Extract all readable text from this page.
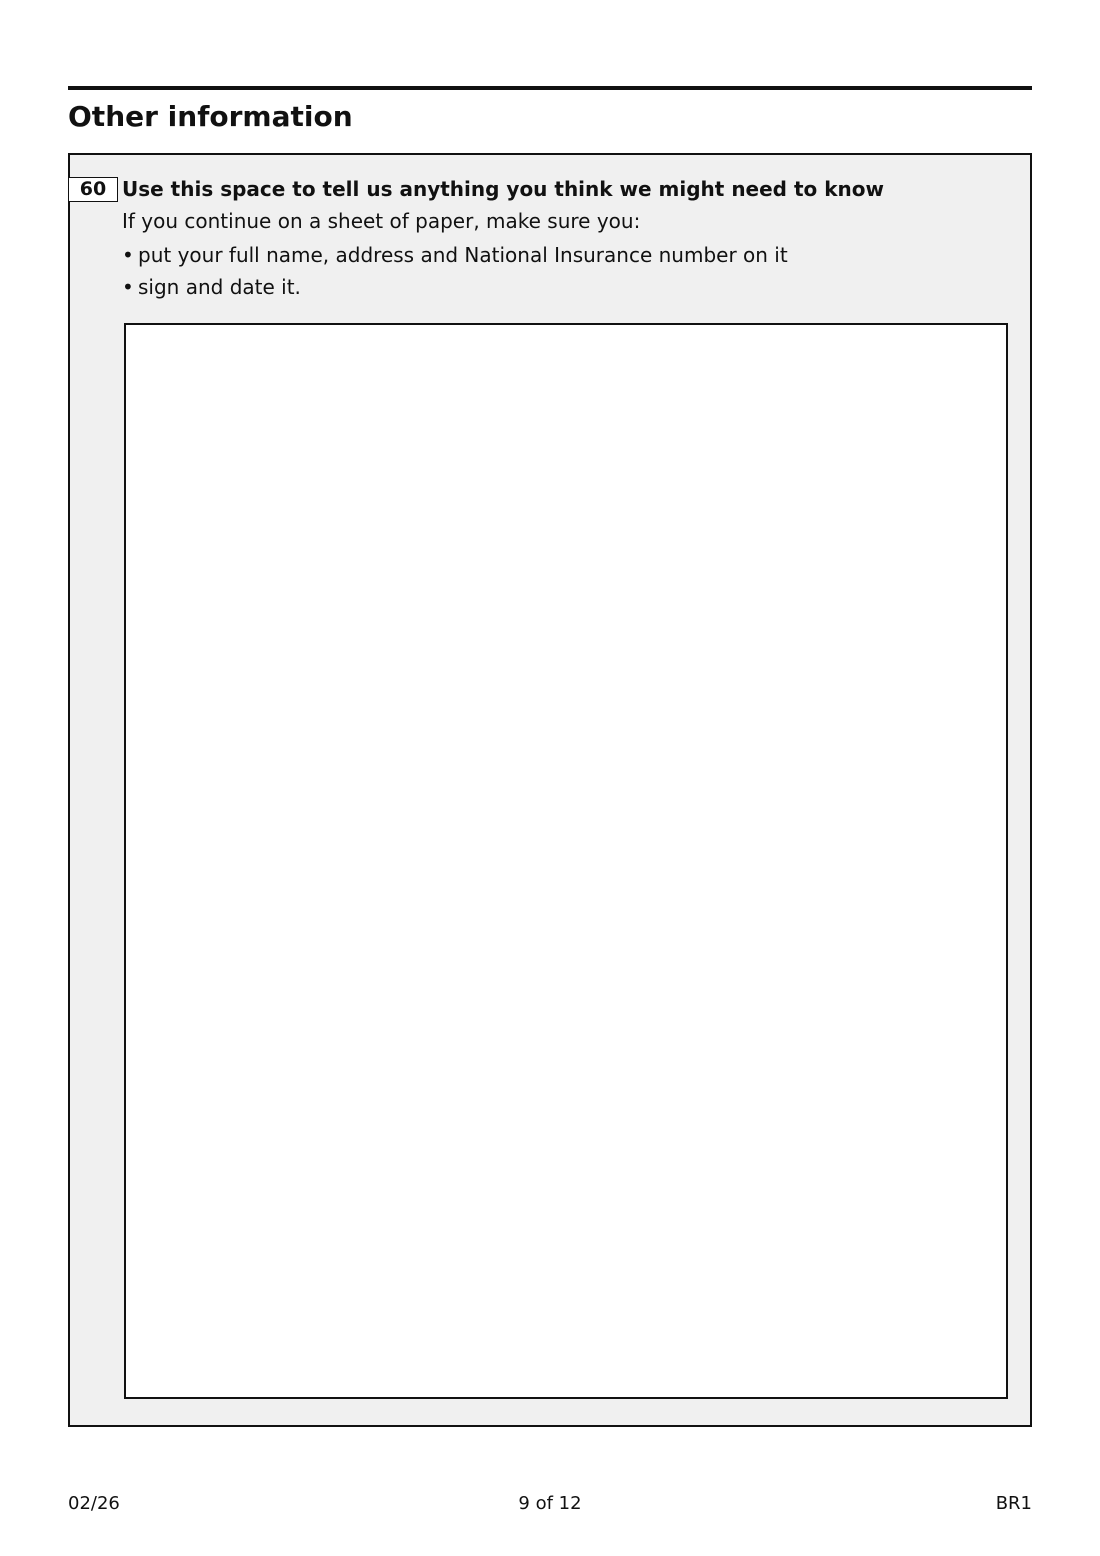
Other information
60 Use this space to tell us anything you think we might need to know
If you continue on a sheet of paper, make sure you:
• put your full name, address and National Insurance number on it
• sign and date it.
02/26	9 of 12	BR1
